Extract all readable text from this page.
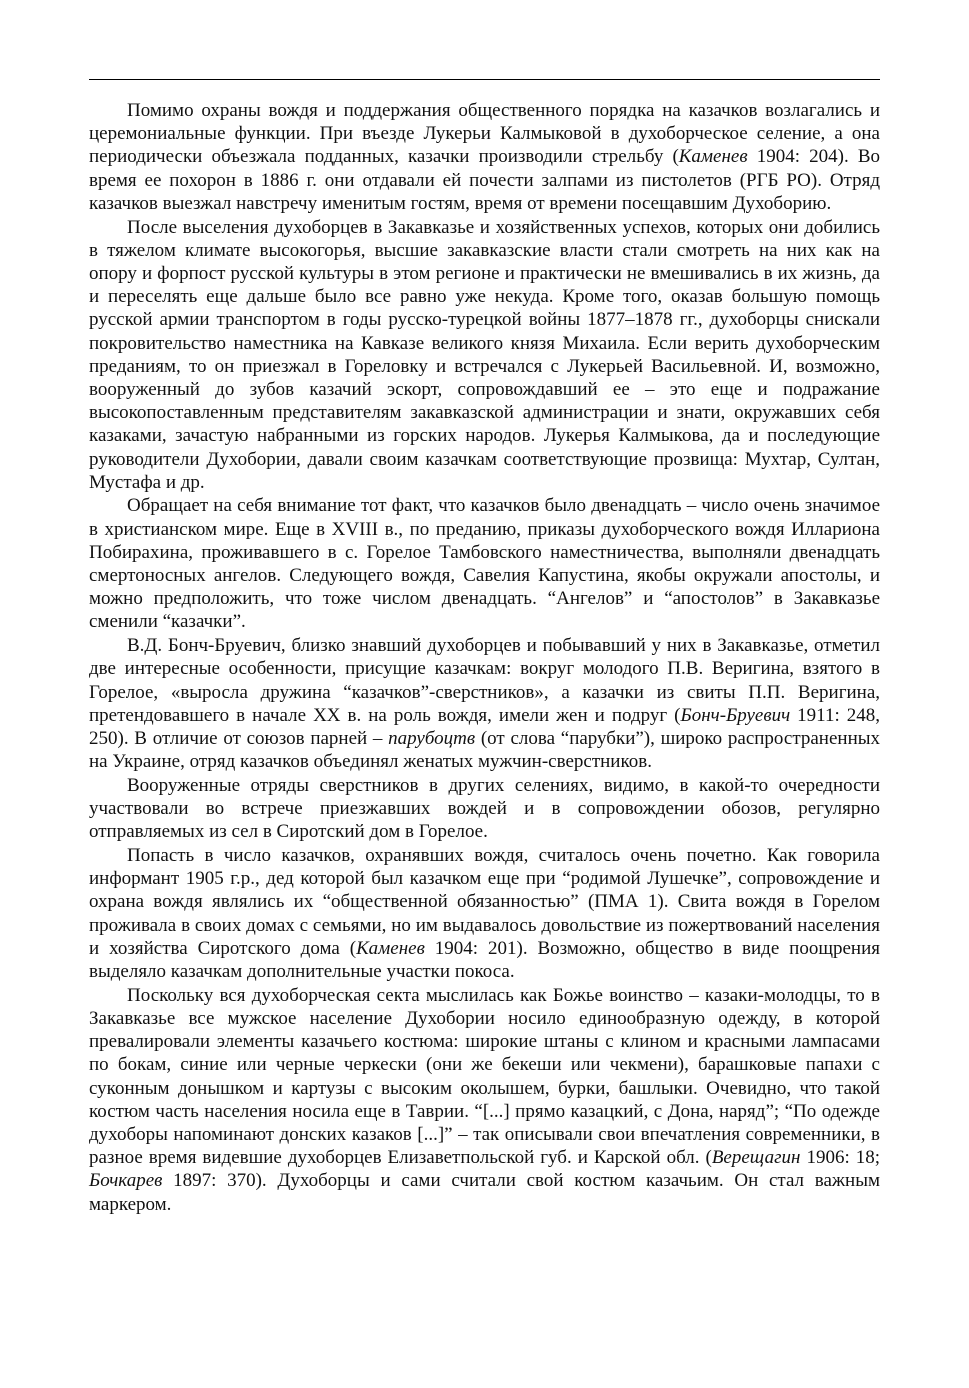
Помимо охраны вождя и поддержания общественного порядка на казачков возлагались и церемониальные функции. При въезде Лукерьи Калмыковой в духоборческое селение, а она периодически объезжала подданных, казачки производили стрельбу (Каменев 1904: 204). Во время ее похорон в 1886 г. они отдавали ей почести залпами из пистолетов (РГБ РО). Отряд казачков выезжал навстречу именитым гостям, время от времени посещавшим Духоборию.

После выселения духоборцев в Закавказье и хозяйственных успехов, которых они добились в тяжелом климате высокогорья, высшие закавказские власти стали смотреть на них как на опору и форпост русской культуры в этом регионе и практически не вмешивались в их жизнь, да и переселять еще дальше было все равно уже некуда. Кроме того, оказав большую помощь русской армии транспортом в годы русско-турецкой войны 1877–1878 гг., духоборцы снискали покровительство наместника на Кавказе великого князя Михаила. Если верить духоборческим преданиям, то он приезжал в Гореловку и встречался с Лукерьей Васильевной. И, возможно, вооруженный до зубов казачий эскорт, сопровождавший ее – это еще и подражание высокопоставленным представителям закавказской администрации и знати, окружавших себя казаками, зачастую набранными из горских народов. Лукерья Калмыкова, да и последующие руководители Духобории, давали своим казачкам соответствующие прозвища: Мухтар, Султан, Мустафа и др.

Обращает на себя внимание тот факт, что казачков было двенадцать – число очень значимое в христианском мире. Еще в XVIII в., по преданию, приказы духоборческого вождя Иллариона Побирахина, проживавшего в с. Горелое Тамбовского наместничества, выполняли двенадцать смертоносных ангелов. Следующего вождя, Савелия Капустина, якобы окружали апостолы, и можно предположить, что тоже числом двенадцать. “Ангелов” и “апостолов” в Закавказье сменили “казачки”.

В.Д. Бонч-Бруевич, близко знавший духоборцев и побывавший у них в Закавказье, отметил две интересные особенности, присущие казачкам: вокруг молодого П.В. Веригина, взятого в Горелое, «выросла дружина “казачков”-сверстников», а казачки из свиты П.П. Веригина, претендовавшего в начале XX в. на роль вождя, имели жен и подруг (Бонч-Бруевич 1911: 248, 250). В отличие от союзов парней – парубоцтв (от слова “парубки”), широко распространенных на Украине, отряд казачков объединял женатых мужчин-сверстников.

Вооруженные отряды сверстников в других селениях, видимо, в какой-то очередности участвовали во встрече приезжавших вождей и в сопровождении обозов, регулярно отправляемых из сел в Сиротский дом в Горелое.

Попасть в число казачков, охранявших вождя, считалось очень почетно. Как говорила информант 1905 г.р., дед которой был казачком еще при “родимой Лушечке”, сопровождение и охрана вождя являлись их “общественной обязанностью” (ПМА 1). Свита вождя в Горелом проживала в своих домах с семьями, но им выдавалось довольствие из пожертвований населения и хозяйства Сиротского дома (Каменев 1904: 201). Возможно, общество в виде поощрения выделяло казачкам дополнительные участки покоса.

Поскольку вся духоборческая секта мыслилась как Божье воинство – казаки-молодцы, то в Закавказье все мужское население Духобории носило единообразную одежду, в которой превалировали элементы казачьего костюма: широкие штаны с клином и красными лампасами по бокам, синие или черные черкески (они же бекеши или чекмени), барашковые папахи с суконным донышком и картузы с высоким околышем, бурки, башлыки. Очевидно, что такой костюм часть населения носила еще в Таврии. “[...] прямо казацкий, с Дона, наряд”; “По одежде духоборы напоминают донских казаков [...]” – так описывали свои впечатления современники, в разное время видевшие духоборцев Елизаветпольской губ. и Карской обл. (Верещагин 1906: 18; Бочкарев 1897: 370). Духоборцы и сами считали свой костюм казачьим. Он стал важным маркером.
